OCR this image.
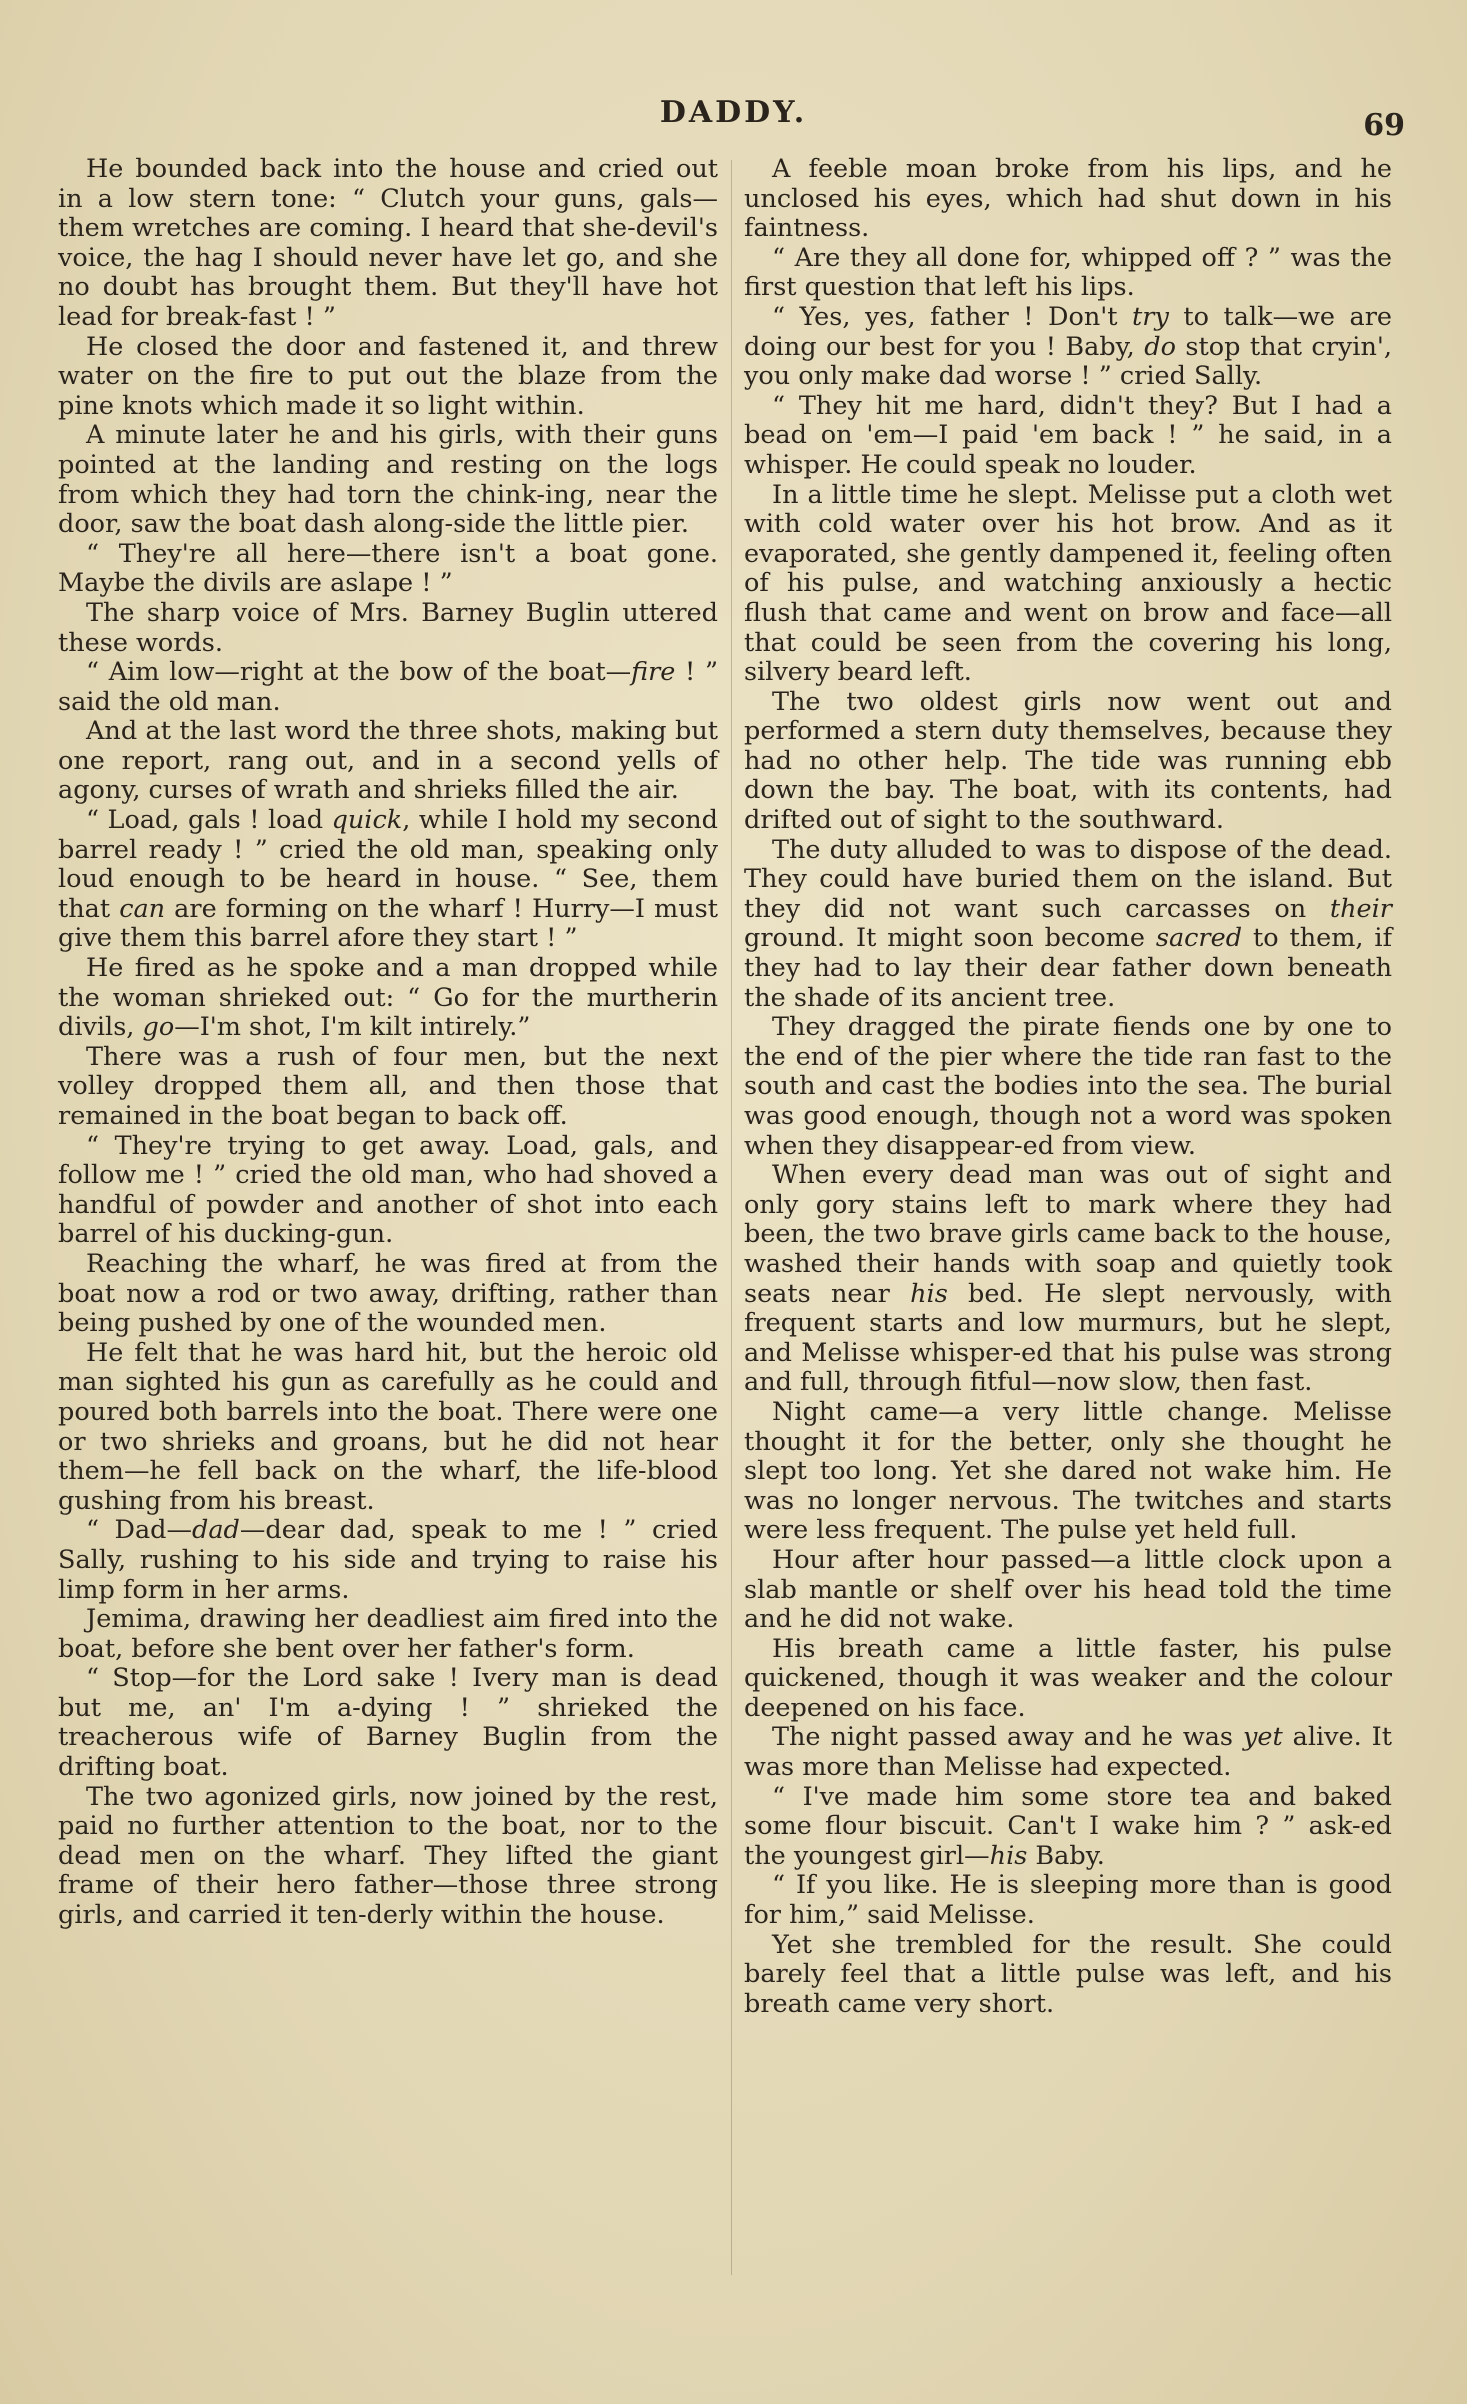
DADDY.	69

He bounded back into the house and cried out in a low stern tone: “ Clutch your guns, gals—them wretches are coming. I heard that she-devil's voice, the hag I should never have let go, and she no doubt has brought them. But they'll have hot lead for break-fast ! ”

He closed the door and fastened it, and threw water on the fire to put out the blaze from the pine knots which made it so light within.

A minute later he and his girls, with their guns pointed at the landing and resting on the logs from which they had torn the chink-ing, near the door, saw the boat dash along-side the little pier.

“ They're all here—there isn't a boat gone. Maybe the divils are aslape ! ”

The sharp voice of Mrs. Barney Buglin uttered these words.

“ Aim low—right at the bow of the boat—fire ! ” said the old man.

And at the last word the three shots, making but one report, rang out, and in a second yells of agony, curses of wrath and shrieks filled the air.

“ Load, gals ! load quick, while I hold my second barrel ready ! ” cried the old man, speaking only loud enough to be heard in house. “ See, them that can are forming on the wharf ! Hurry—I must give them this barrel afore they start ! ”

He fired as he spoke and a man dropped while the woman shrieked out: “ Go for the murtherin divils, go—I'm shot, I'm kilt intirely.”

There was a rush of four men, but the next volley dropped them all, and then those that remained in the boat began to back off.

“ They're trying to get away. Load, gals, and follow me ! ” cried the old man, who had shoved a handful of powder and another of shot into each barrel of his ducking-gun.

Reaching the wharf, he was fired at from the boat now a rod or two away, drifting, rather than being pushed by one of the wounded men.

He felt that he was hard hit, but the heroic old man sighted his gun as carefully as he could and poured both barrels into the boat. There were one or two shrieks and groans, but he did not hear them—he fell back on the wharf, the life-blood gushing from his breast.

“ Dad—dad—dear dad, speak to me ! ” cried Sally, rushing to his side and trying to raise his limp form in her arms.

Jemima, drawing her deadliest aim fired into the boat, before she bent over her father's form.

“ Stop—for the Lord sake ! Ivery man is dead but me, an' I'm a-dying ! ” shrieked the treacherous wife of Barney Buglin from the drifting boat.

The two agonized girls, now joined by the rest, paid no further attention to the boat, nor to the dead men on the wharf. They lifted the giant frame of their hero father—those three strong girls, and carried it ten-derly within the house.

A feeble moan broke from his lips, and he unclosed his eyes, which had shut down in his faintness.

“ Are they all done for, whipped off ? ” was the first question that left his lips.

“ Yes, yes, father ! Don't try to talk—we are doing our best for you ! Baby, do stop that cryin', you only make dad worse ! ” cried Sally.

“ They hit me hard, didn't they? But I had a bead on 'em—I paid 'em back ! ” he said, in a whisper. He could speak no louder.

In a little time he slept. Melisse put a cloth wet with cold water over his hot brow. And as it evaporated, she gently dampened it, feeling often of his pulse, and watching anxiously a hectic flush that came and went on brow and face—all that could be seen from the covering his long, silvery beard left.

The two oldest girls now went out and performed a stern duty themselves, because they had no other help. The tide was running ebb down the bay. The boat, with its contents, had drifted out of sight to the southward.

The duty alluded to was to dispose of the dead. They could have buried them on the island. But they did not want such carcasses on their ground. It might soon become sacred to them, if they had to lay their dear father down beneath the shade of its ancient tree.

They dragged the pirate fiends one by one to the end of the pier where the tide ran fast to the south and cast the bodies into the sea. The burial was good enough, though not a word was spoken when they disappear-ed from view.

When every dead man was out of sight and only gory stains left to mark where they had been, the two brave girls came back to the house, washed their hands with soap and quietly took seats near his bed. He slept nervously, with frequent starts and low murmurs, but he slept, and Melisse whisper-ed that his pulse was strong and full, through fitful—now slow, then fast.

Night came—a very little change. Melisse thought it for the better, only she thought he slept too long. Yet she dared not wake him. He was no longer nervous. The twitches and starts were less frequent. The pulse yet held full.

Hour after hour passed—a little clock upon a slab mantle or shelf over his head told the time and he did not wake.

His breath came a little faster, his pulse quickened, though it was weaker and the colour deepened on his face.

The night passed away and he was yet alive. It was more than Melisse had expected.

“ I've made him some store tea and baked some flour biscuit. Can't I wake him ? ” ask-ed the youngest girl—his Baby.

“ If you like. He is sleeping more than is good for him,” said Melisse.

Yet she trembled for the result. She could barely feel that a little pulse was left, and his breath came very short.
